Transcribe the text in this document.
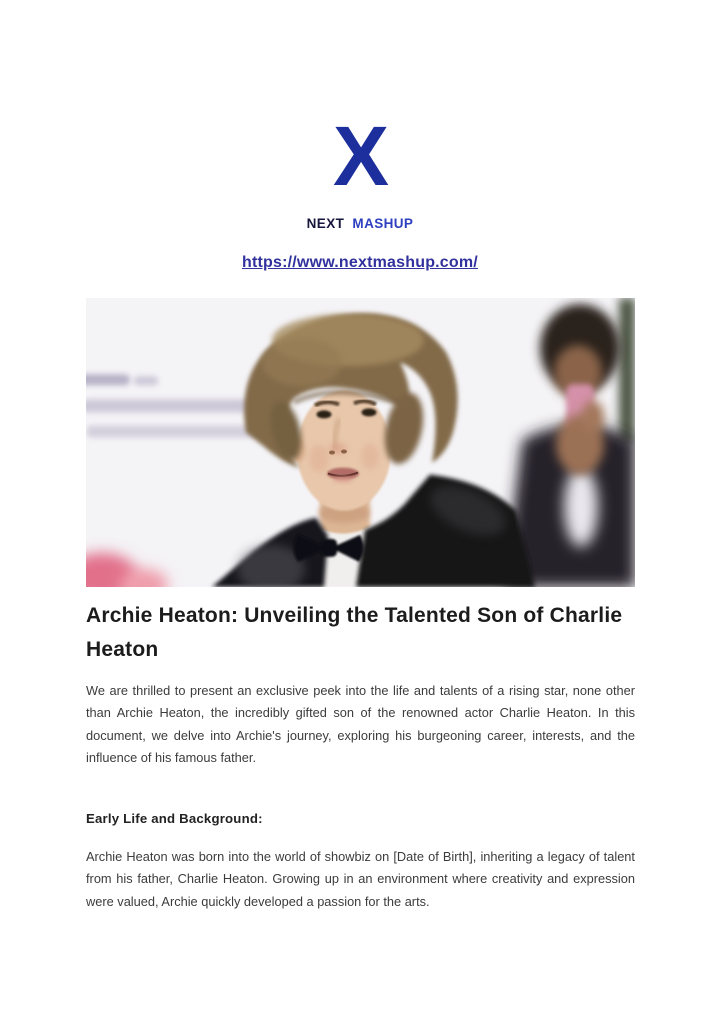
X
NEXT MASHUP
https://www.nextmashup.com/
Archie Heaton: Unveiling the Talented Son of Charlie Heaton
We are thrilled to present an exclusive peek into the life and talents of a rising star, none other than Archie Heaton, the incredibly gifted son of the renowned actor Charlie Heaton. In this document, we delve into Archie's journey, exploring his burgeoning career, interests, and the influence of his famous father.
Early Life and Background:
Archie Heaton was born into the world of showbiz on [Date of Birth], inheriting a legacy of talent from his father, Charlie Heaton. Growing up in an environment where creativity and expression were valued, Archie quickly developed a passion for the arts.
